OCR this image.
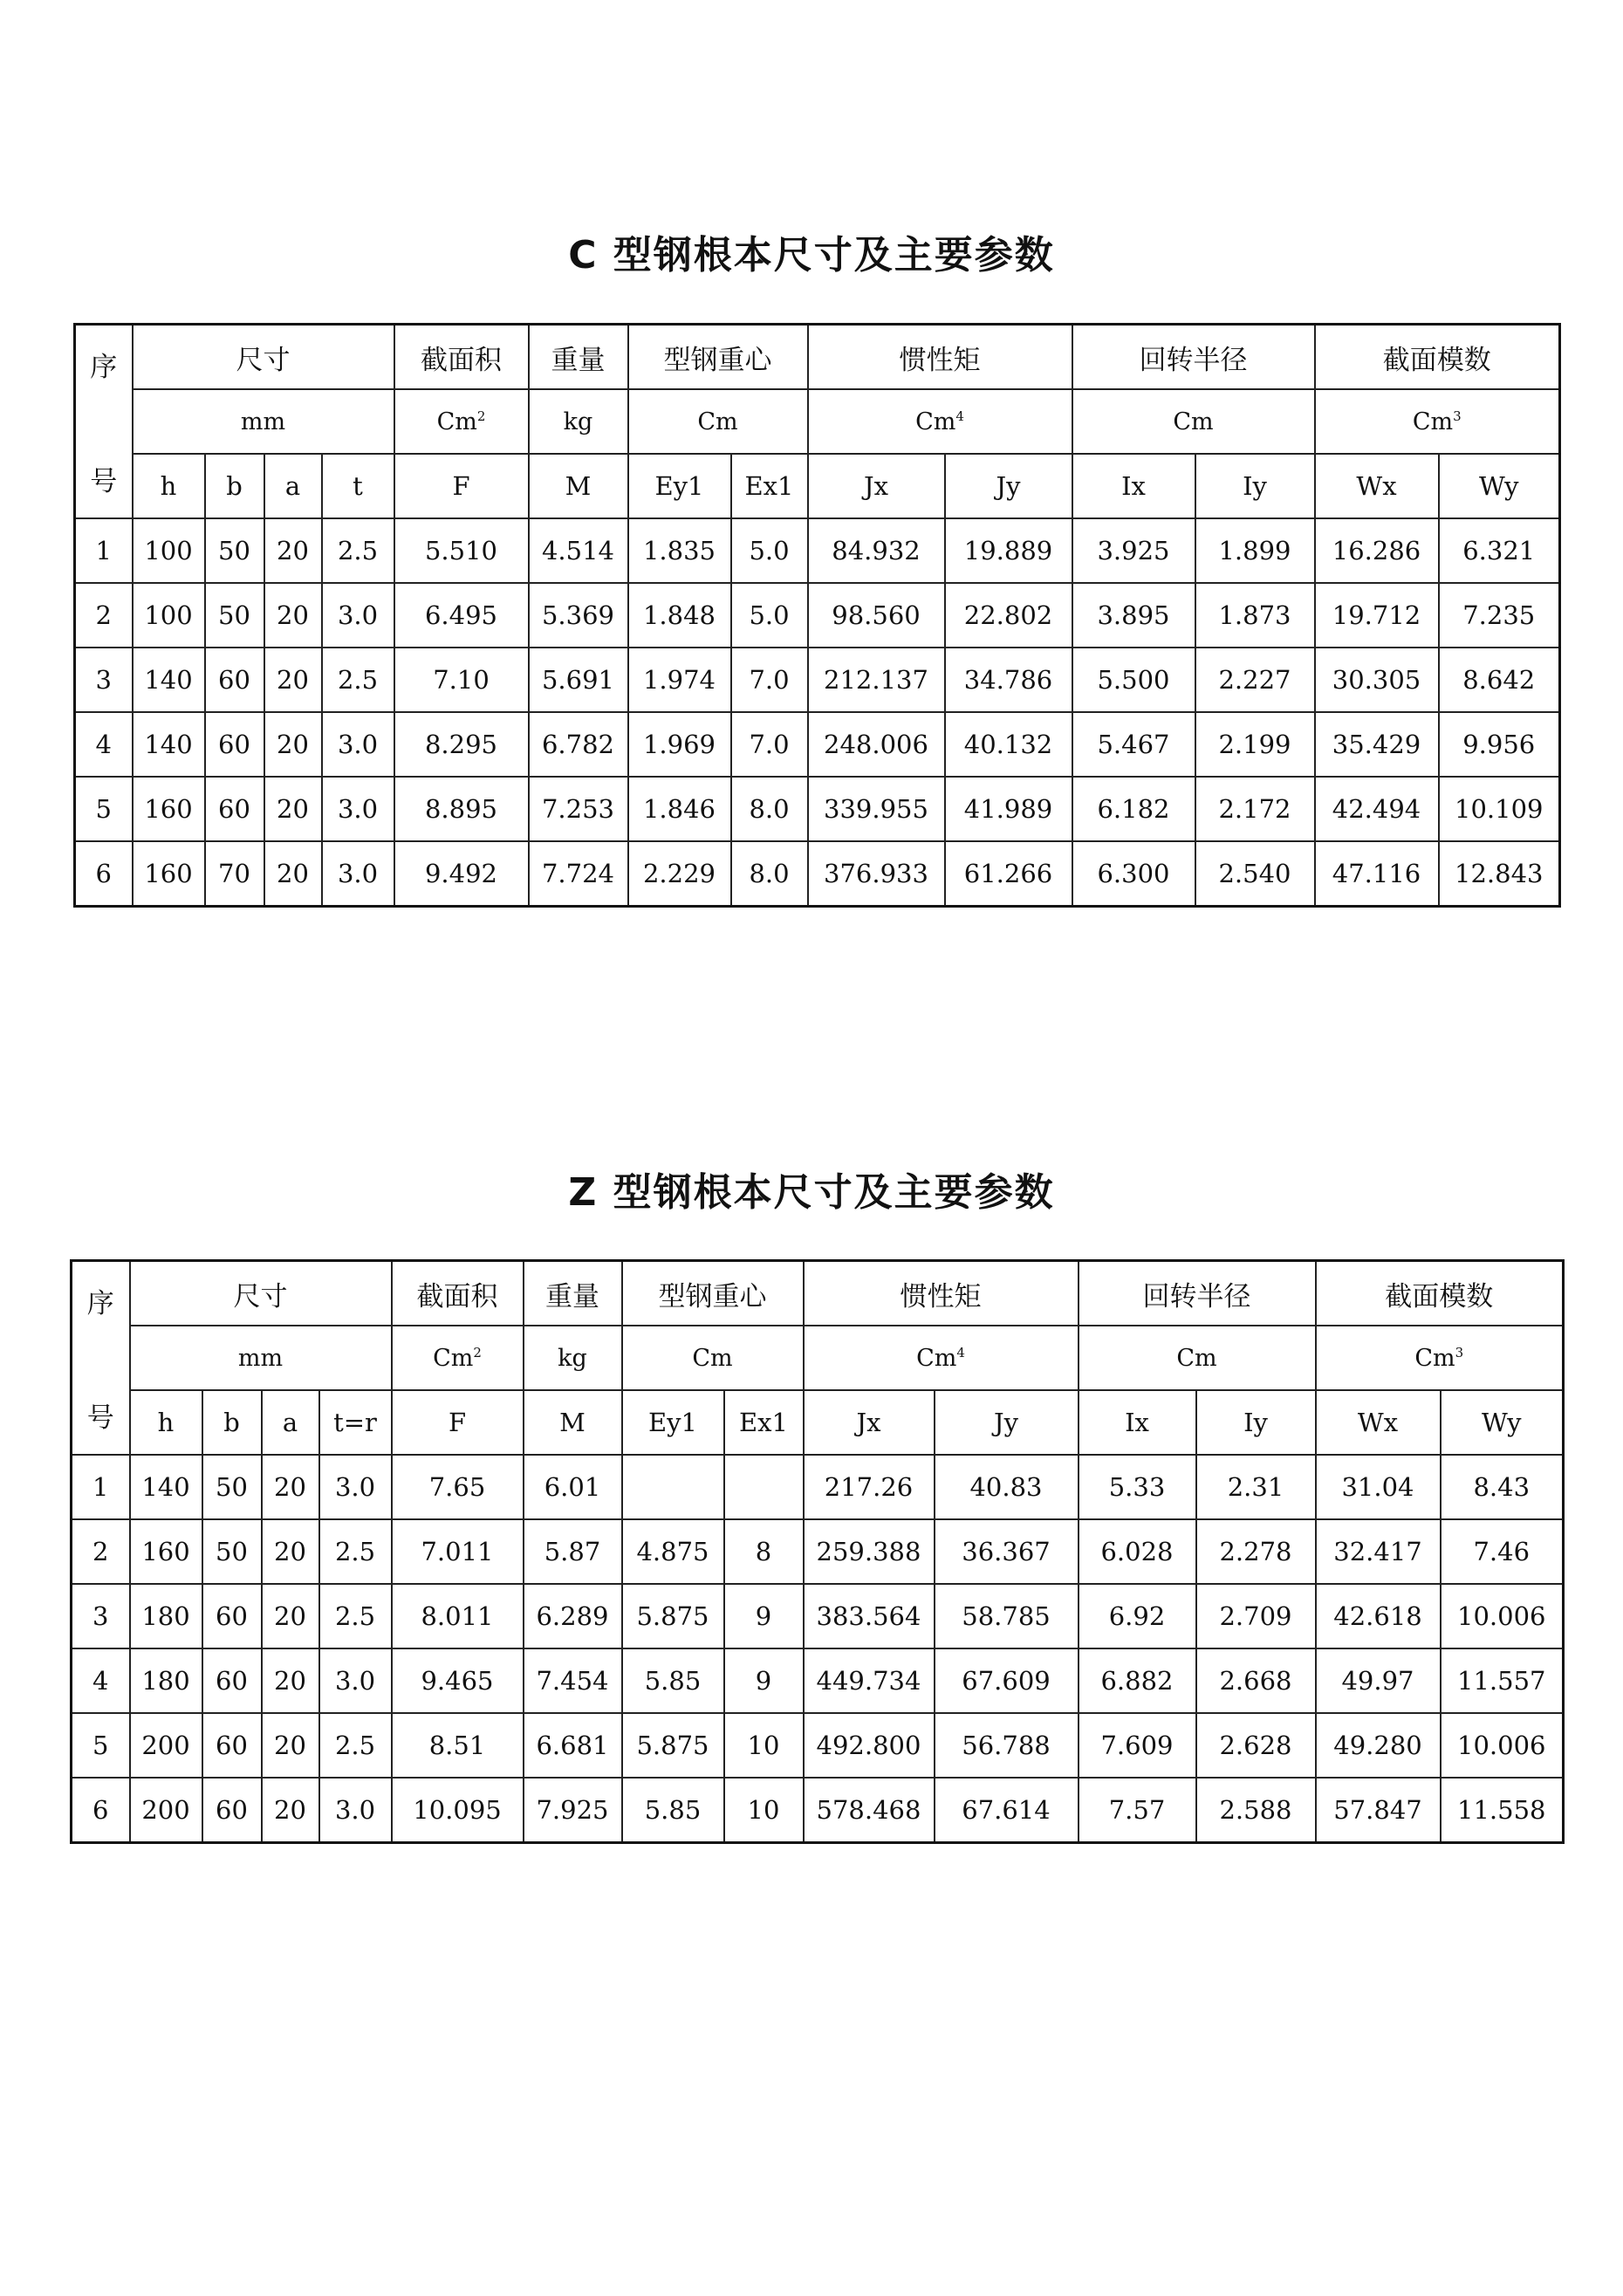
C 型钢根本尺寸及主要参数
序
号	尺寸				截面积	重量	型钢重心		惯性矩		回转半径		截面模数	
	mm				Cm$^2$	kg	Cm		Cm$^4$		Cm		Cm$^3$
	h	b	a	t	F	M	Ey1	Ex1	Jx	Jy	Ix	Iy	Wx	Wy
1	100	50	20	2.5	5.510	4.514	1.835	5.0	84.932	19.889	3.925	1.899	16.286	6.321
2	100	50	20	3.0	6.495	5.369	1.848	5.0	98.560	22.802	3.895	1.873	19.712	7.235
3	140	60	20	2.5	7.10	5.691	1.974	7.0	212.137	34.786	5.500	2.227	30.305	8.642
4	140	60	20	3.0	8.295	6.782	1.969	7.0	248.006	40.132	5.467	2.199	35.429	9.956
5	160	60	20	3.0	8.895	7.253	1.846	8.0	339.955	41.989	6.182	2.172	42.494	10.109
6	160	70	20	3.0	9.492	7.724	2.229	8.0	376.933	61.266	6.300	2.540	47.116	12.843
Z 型钢根本尺寸及主要参数
序
号	尺寸				截面积	重量	型钢重心		惯性矩		回转半径		截面模数	
	mm				Cm$^2$	kg	Cm		Cm$^4$		Cm		Cm$^3$
	h	b	a	t=r	F	M	Ey1	Ex1	Jx	Jy	Ix	Iy	Wx	Wy
1	140	50	20	3.0	7.65	6.01			217.26	40.83	5.33	2.31	31.04	8.43
2	160	50	20	2.5	7.011	5.87	4.875	8	259.388	36.367	6.028	2.278	32.417	7.46
3	180	60	20	2.5	8.011	6.289	5.875	9	383.564	58.785	6.92	2.709	42.618	10.006
4	180	60	20	3.0	9.465	7.454	5.85	9	449.734	67.609	6.882	2.668	49.97	11.557
5	200	60	20	2.5	8.51	6.681	5.875	10	492.800	56.788	7.609	2.628	49.280	10.006
6	200	60	20	3.0	10.095	7.925	5.85	10	578.468	67.614	7.57	2.588	57.847	11.558
